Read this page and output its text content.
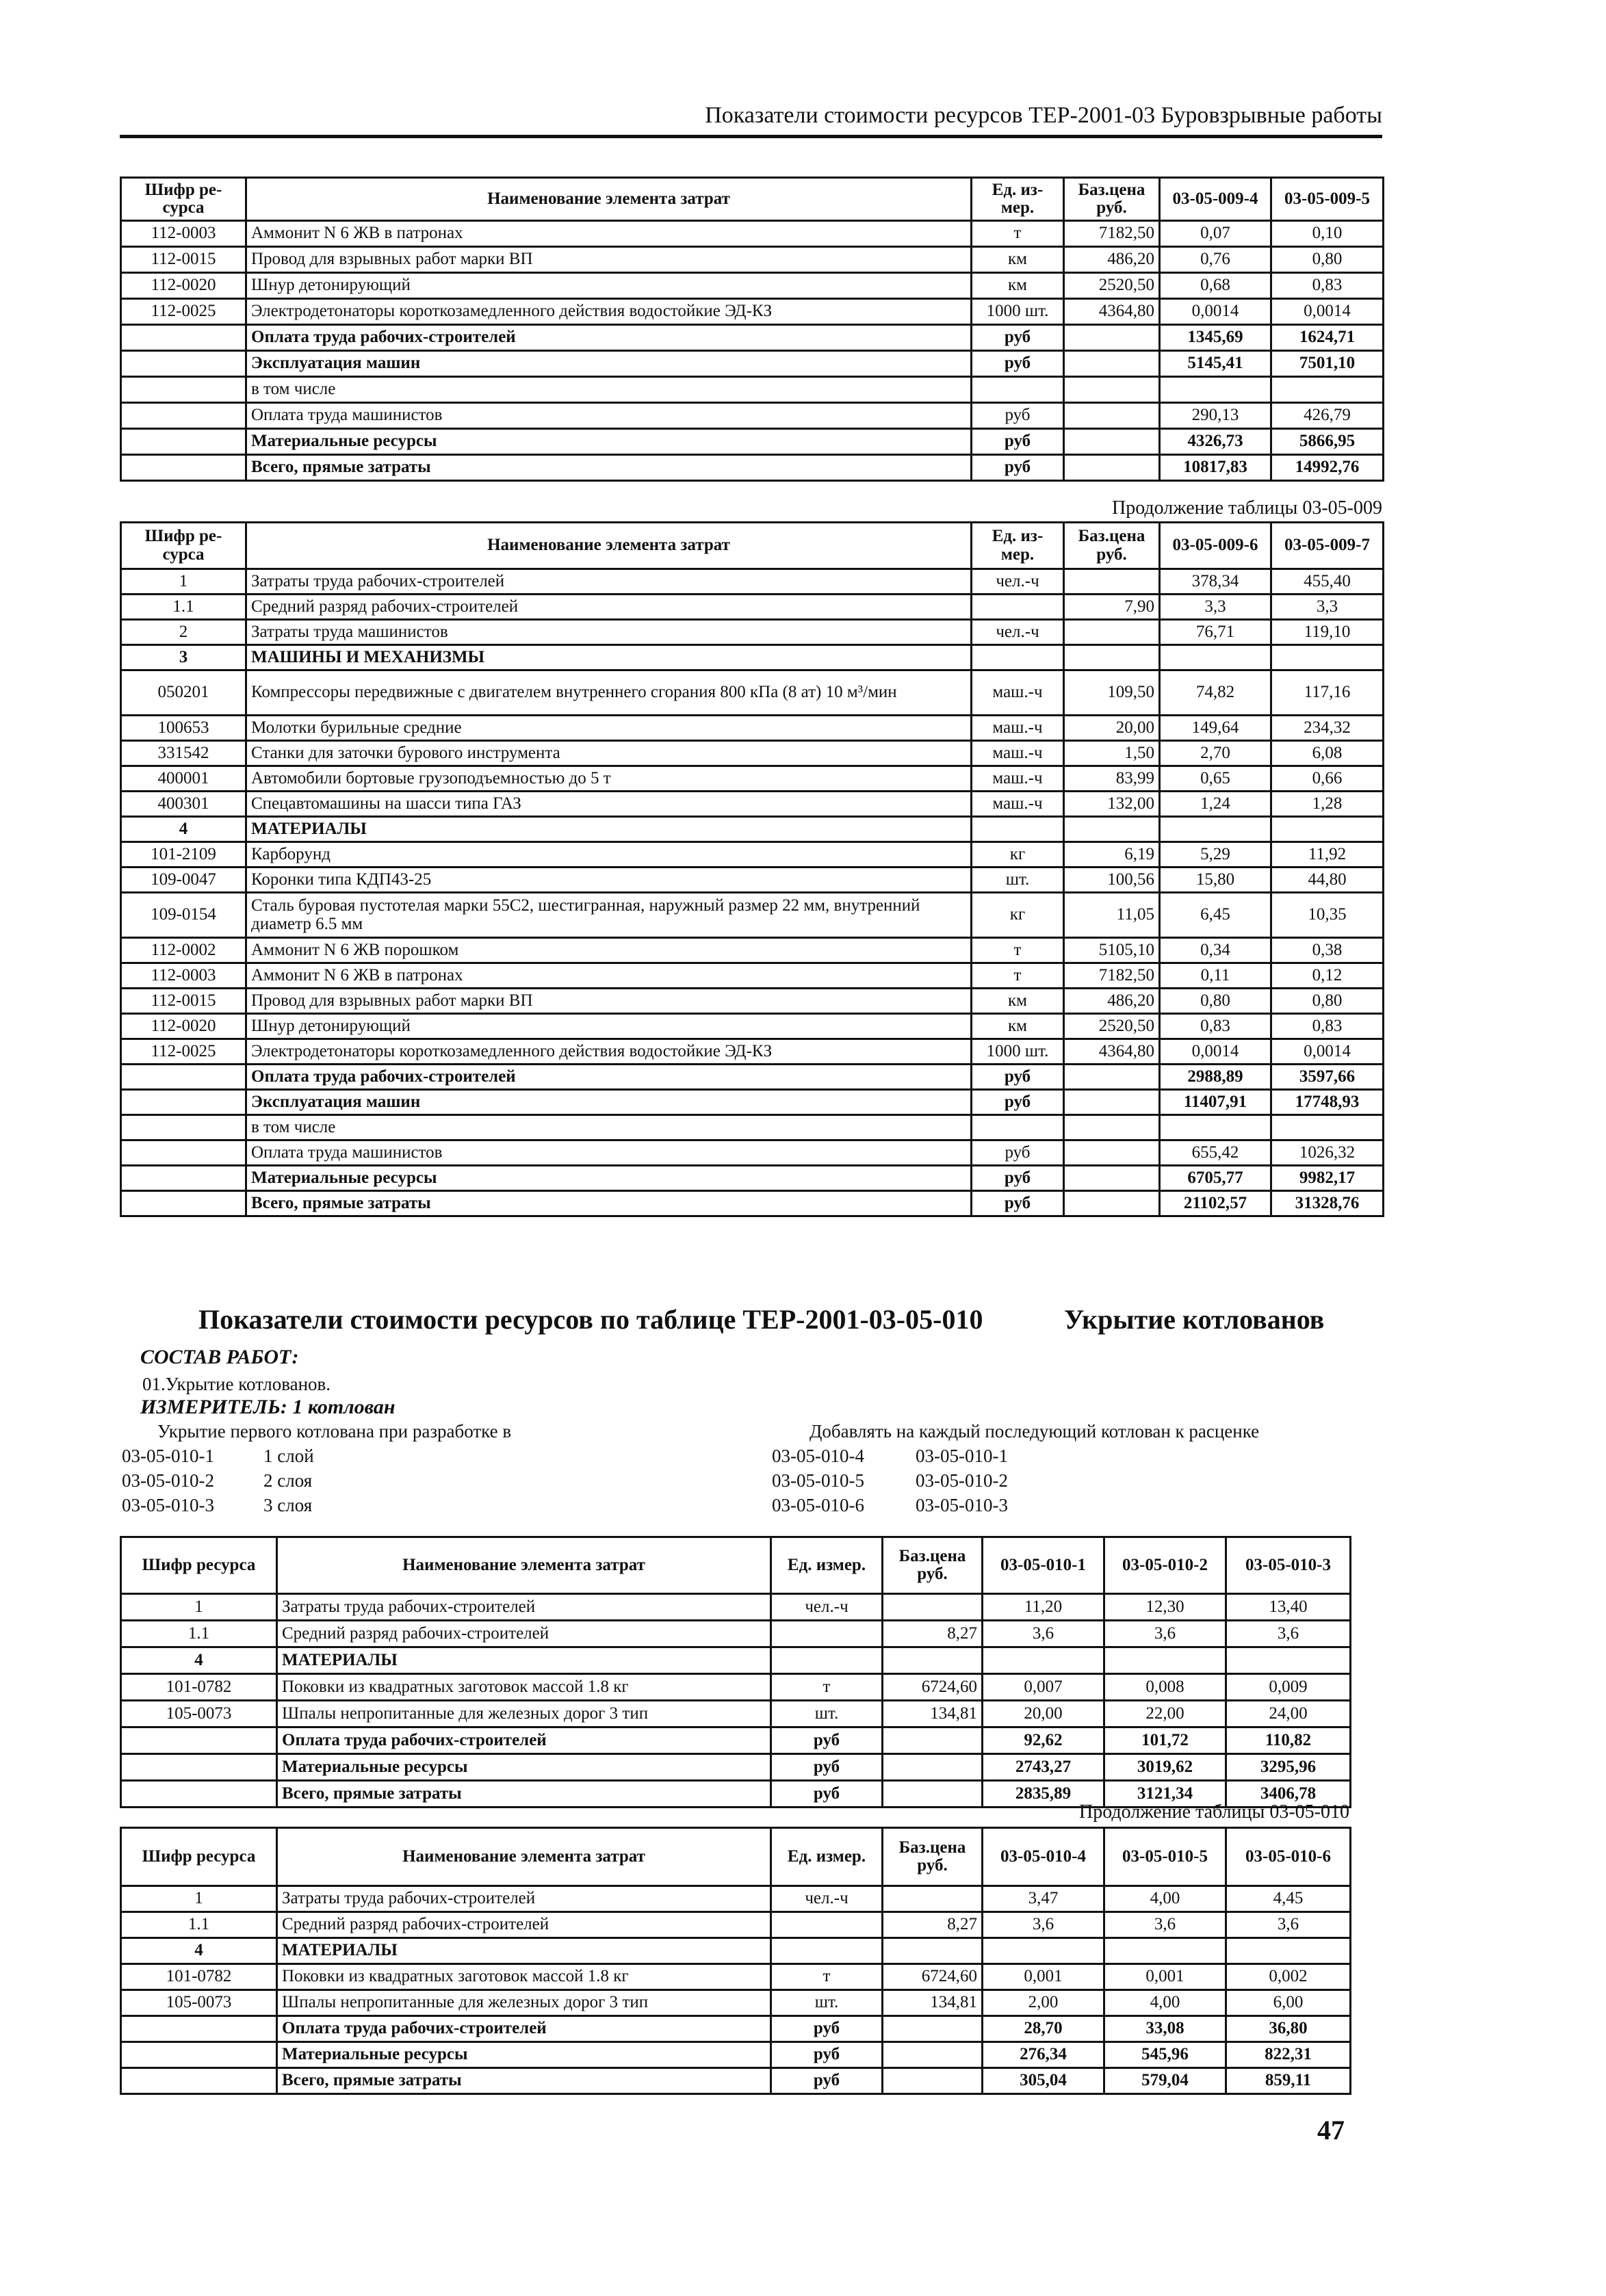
Показатели стоимости ресурсов ТЕР-2001-03 Буровзрывные работы
Шифр ре-сурса	Наименование элемента затрат	Ед. из-мер.	Баз.цена руб.	03-05-009-4	03-05-009-5
112-0003	Аммонит N 6 ЖВ в патронах	т	7182,50	0,07	0,10
112-0015	Провод для взрывных работ марки ВП	км	486,20	0,76	0,80
112-0020	Шнур детонирующий	км	2520,50	0,68	0,83
112-0025	Электродетонаторы короткозамедленного действия водостойкие ЭД-КЗ	1000 шт.	4364,80	0,0014	0,0014
	Оплата труда рабочих-строителей	руб		1345,69	1624,71
	Эксплуатация машин	руб		5145,41	7501,10
	в том числе				
	Оплата труда машинистов	руб		290,13	426,79
	Материальные ресурсы	руб		4326,73	5866,95
	Всего, прямые затраты	руб		10817,83	14992,76
Продолжение таблицы 03-05-009
Шифр ре-сурса	Наименование элемента затрат	Ед. из-мер.	Баз.цена руб.	03-05-009-6	03-05-009-7
1	Затраты труда рабочих-строителей	чел.-ч		378,34	455,40
1.1	Средний разряд рабочих-строителей		7,90	3,3	3,3
2	Затраты труда машинистов	чел.-ч		76,71	119,10
3	МАШИНЫ И МЕХАНИЗМЫ				
050201	Компрессоры передвижные с двигателем внутреннего сгорания 800 кПа (8 ат) 10 м³/мин	маш.-ч	109,50	74,82	117,16
100653	Молотки бурильные средние	маш.-ч	20,00	149,64	234,32
331542	Станки для заточки бурового инструмента	маш.-ч	1,50	2,70	6,08
400001	Автомобили бортовые грузоподъемностью до 5 т	маш.-ч	83,99	0,65	0,66
400301	Спецавтомашины на шасси типа ГАЗ	маш.-ч	132,00	1,24	1,28
4	МАТЕРИАЛЫ				
101-2109	Карборунд	кг	6,19	5,29	11,92
109-0047	Коронки типа КДП43-25	шт.	100,56	15,80	44,80
109-0154	Сталь буровая пустотелая марки 55С2, шестигранная, наружный размер 22 мм, внутренний диаметр 6.5 мм	кг	11,05	6,45	10,35
112-0002	Аммонит N 6 ЖВ порошком	т	5105,10	0,34	0,38
112-0003	Аммонит N 6 ЖВ в патронах	т	7182,50	0,11	0,12
112-0015	Провод для взрывных работ марки ВП	км	486,20	0,80	0,80
112-0020	Шнур детонирующий	км	2520,50	0,83	0,83
112-0025	Электродетонаторы короткозамедленного действия водостойкие ЭД-КЗ	1000 шт.	4364,80	0,0014	0,0014
	Оплата труда рабочих-строителей	руб		2988,89	3597,66
	Эксплуатация машин	руб		11407,91	17748,93
	в том числе				
	Оплата труда машинистов	руб		655,42	1026,32
	Материальные ресурсы	руб		6705,77	9982,17
	Всего, прямые затраты	руб		21102,57	31328,76
Показатели стоимости ресурсов по таблице ТЕР-2001-03-05-010	Укрытие котлованов
СОСТАВ РАБОТ:
01.Укрытие котлованов.
ИЗМЕРИТЕЛЬ: 1 котлован
Укрытие первого котлована при разработке в	Добавлять на каждый последующий котлован к расценке
03-05-010-1	1 слой
03-05-010-2	2 слоя
03-05-010-3	3 слоя
03-05-010-4	03-05-010-1
03-05-010-5	03-05-010-2
03-05-010-6	03-05-010-3
Шифр ресурса	Наименование элемента затрат	Ед. измер.	Баз.цена руб.	03-05-010-1	03-05-010-2	03-05-010-3
1	Затраты труда рабочих-строителей	чел.-ч		11,20	12,30	13,40
1.1	Средний разряд рабочих-строителей		8,27	3,6	3,6	3,6
4	МАТЕРИАЛЫ					
101-0782	Поковки из квадратных заготовок массой 1.8 кг	т	6724,60	0,007	0,008	0,009
105-0073	Шпалы непропитанные для железных дорог 3 тип	шт.	134,81	20,00	22,00	24,00
	Оплата труда рабочих-строителей	руб		92,62	101,72	110,82
	Материальные ресурсы	руб		2743,27	3019,62	3295,96
	Всего, прямые затраты	руб		2835,89	3121,34	3406,78
Продолжение таблицы 03-05-010
Шифр ресурса	Наименование элемента затрат	Ед. измер.	Баз.цена руб.	03-05-010-4	03-05-010-5	03-05-010-6
1	Затраты труда рабочих-строителей	чел.-ч		3,47	4,00	4,45
1.1	Средний разряд рабочих-строителей		8,27	3,6	3,6	3,6
4	МАТЕРИАЛЫ					
101-0782	Поковки из квадратных заготовок массой 1.8 кг	т	6724,60	0,001	0,001	0,002
105-0073	Шпалы непропитанные для железных дорог 3 тип	шт.	134,81	2,00	4,00	6,00
	Оплата труда рабочих-строителей	руб		28,70	33,08	36,80
	Материальные ресурсы	руб		276,34	545,96	822,31
	Всего, прямые затраты	руб		305,04	579,04	859,11
47
